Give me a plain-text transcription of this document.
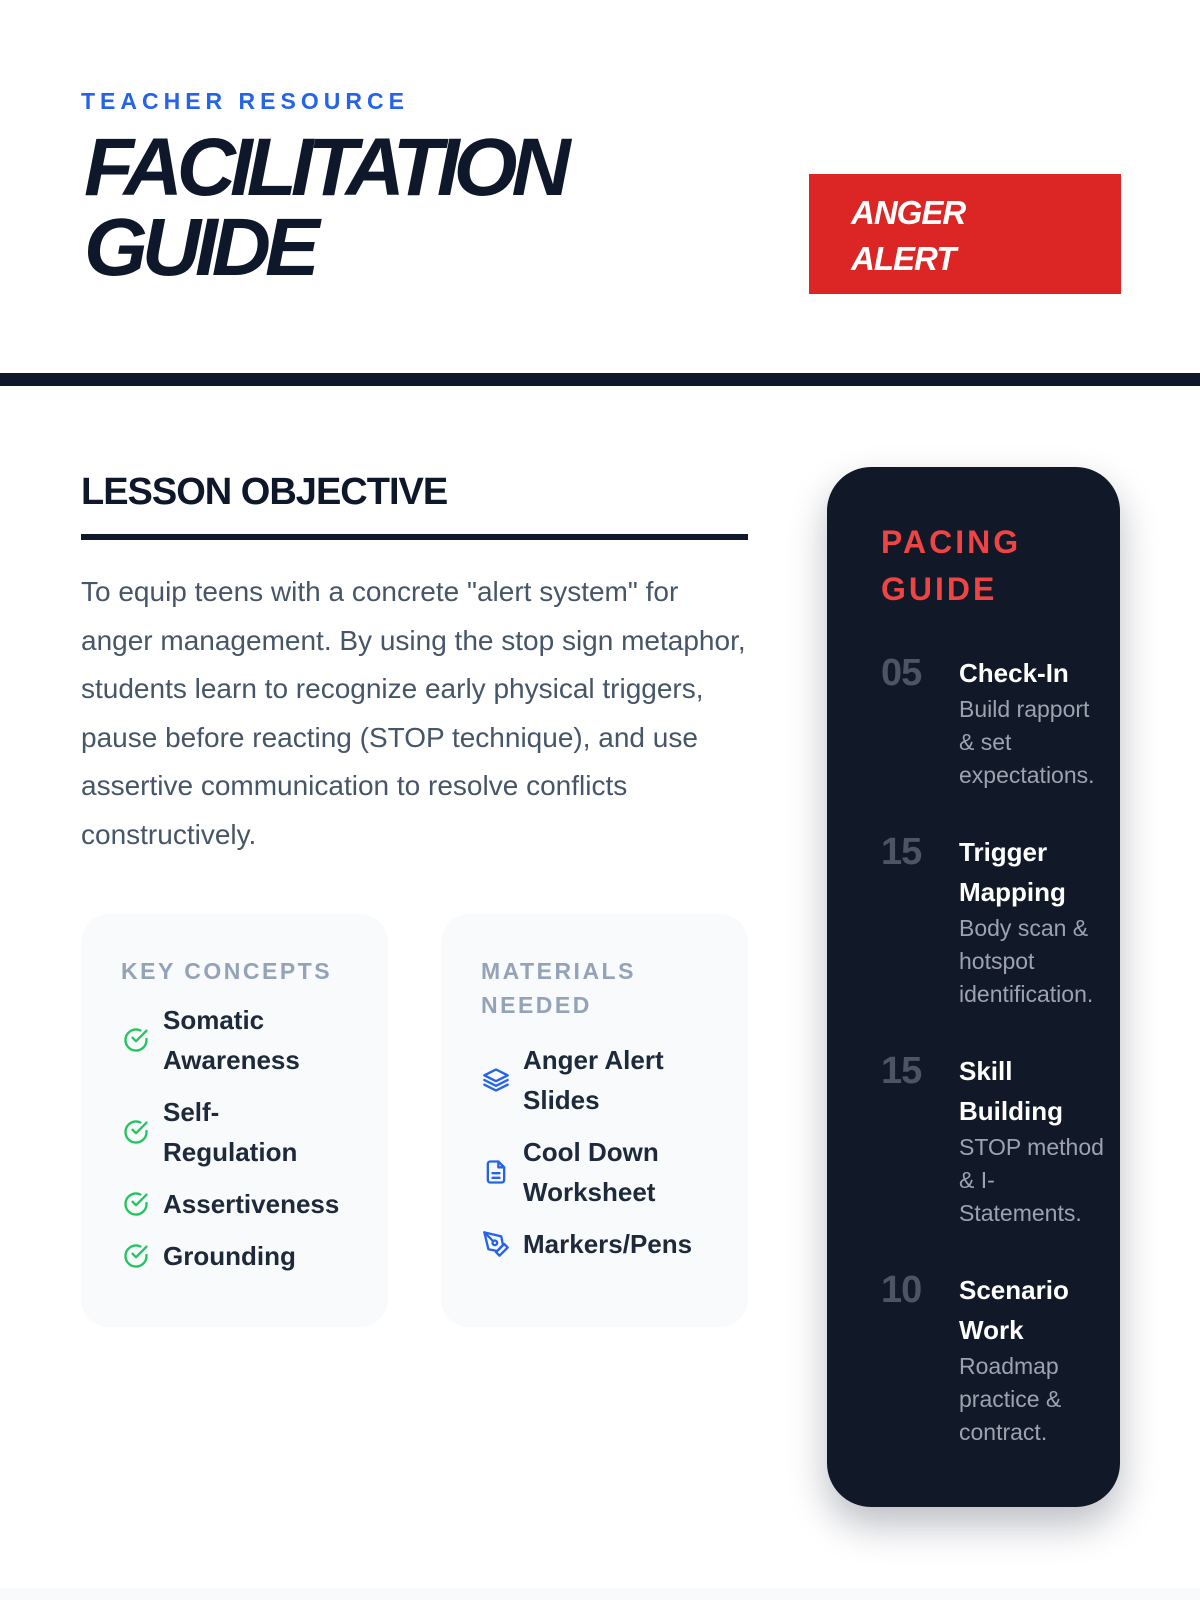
TEACHER RESOURCE
FACILITATION
GUIDE	ANGER
ALERT
LESSON OBJECTIVE

To equip teens with a concrete "alert system" for anger management. By using the stop sign metaphor, students learn to recognize early physical triggers, pause before reacting (STOP technique), and use assertive communication to resolve conflicts constructively.

KEY CONCEPTS
Somatic Awareness
Self-Regulation
Assertiveness
Grounding
MATERIALS NEEDED
Anger Alert Slides
Cool Down Worksheet
Markers/Pens
PACING GUIDE
05	Check-In
Build rapport & set expectations.
15	Trigger Mapping
Body scan & hotspot identification.
15	Skill Building
STOP method & I-Statements.
10	Scenario Work
Roadmap practice & contract.
